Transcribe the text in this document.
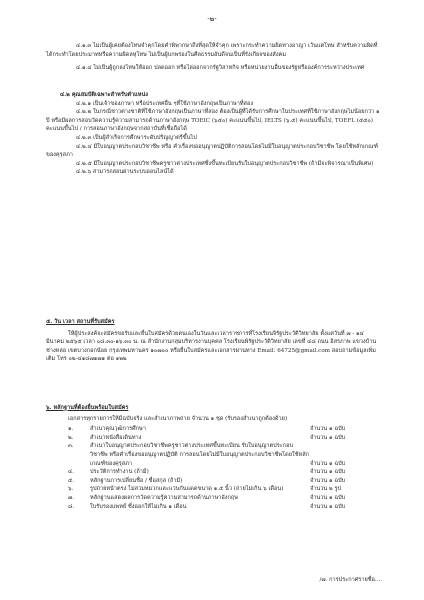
-๒-

๔.๑.๓ ไม่เป็นผู้เคยต้องโทษจำคุกโดยคำพิพากษาถึงที่สุดให้จำคุก เพราะกระทำความผิดทางอาญา เว้นแต่โทษ สำหรับความผิดที่ได้กระทำโดยประมาทหรือความผิดลหุโทษ ไม่เป็นผู้บกพร่องในศีลธรรมอันดีจนเป็นที่รังเกียจของสังคม

๔.๑.๔ ไม่เป็นผู้ถูกลงโทษให้ออก ปลดออก หรือไล่ออกจากรัฐวิสาหกิจ หรือหน่วยงานอื่นของรัฐหรือองค์การระหว่างประเทศ

๔.๒ คุณสมบัติเฉพาะสำหรับตำแหน่ง

๔.๒.๑ เป็นเจ้าของภาษา หรือประเทศอื่น ๆที่ใช้ภาษาอังกฤษเป็นภาษาที่สอง

๔.๒.๒ ในกรณีชาวต่างชาติที่ใช้ภาษาอังกฤษเป็นภาษาที่สอง ต้องเป็นผู้ที่ได้รับการศึกษาในประเทศที่ใช้ภาษาอังกฤษไม่น้อยกว่า ๑ ปี หรือมีผลการสอบวัดความรู้ความสามารถด้านภาษาอังกฤษ TOEIC (๖๕๐) คะแนนขึ้นไป, IELTS (๖.๕) คะแนนขึ้นไป, TOEFL (๕๕๐) คะแนนขึ้นไป / การสอนภาษาอังกฤษจากสถาบันที่เชื่อถือได้

๔.๒.๓ เป็นผู้สำเร็จการศึกษาระดับปริญญาตรีขึ้นไป

๔.๒.๔ มีใบอนุญาตประกอบวิชาชีพ หรือ คำเรื่องขออนุญาตปฏิบัติการสอนโดยไม่มีใบอนุญาตประกอบวิชาชีพ โดยใช้หลักเกณฑ์ของคุรุสภา

๔.๒.๕ มีใบอนุญาตประกอบวิชาชีพครูชาวต่างประเทศซึ่งขึ้นทะเบียนรับใบอนุญาตประกอบวิชาชีพ (ถ้ามีจะพิจารณาเป็นพิเศษ)

๔.๒.๖ สามารถสอนผ่านระบบออนไลน์ได้

๕. วัน เวลา สถานที่รับสมัคร

ให้ผู้ประสงค์จะสมัครขอรับและยื่นใบสมัครด้วยตนเองในวันและเวลาราชการที่โรงเรียนจิรัฐประวัติวิทยาลัย ตั้งแต่วันที่ ๗ - ๑๔ มีนาคม ๒๕๖๕ เวลา ๐๘.๓๐-๑๖.๓๐ น. ณ สำนักงานกลุ่มบริหารงานบุคคล โรงเรียนพิรัฐประวัติวิทยาลัย เลขที่ ๔๘ ถนน อิสรภาพ แขวงบ้านช่างหล่อ เขตบางกอกน้อย กรุงเทพมหานคร ๑๐๗๐๐ หรือยื่นใบสมัครและเอกสารผ่านทาง Email: 64725@gmail.com สอบถามข้อมูลเพิ่มเติม โทร ๐๒-๔๑๘๗๑๗๑ ต่อ ๑๒๒

๖. หลักฐานที่ต้องยื่นพร้อมใบสมัคร

เอกสารทุกรายการให้มีฉบับจริง และสำเนาภาพถ่าย จำนวน ๑ ชุด (รับรองสำเนาถูกต้องด้วย)

๑.	สำเนาคุณวุฒิการศึกษา	จำนวน ๑ ฉบับ
๒.	สำเนาหนังสือเดินทาง	จำนวน ๑ ฉบับ
๓.	สำเนาใบอนุญาตประกอบวิชาชีพครูชาวต่างประเทศขึ้นทะเบียน รับใบอนุญาตประกอบวิชาชีพ หรือคำเรื่องขออนุญาตปฏิบัติ การสอนโดยไม่มีใบอนุญาตประกอบวิชาชีพโดยใช้หลักเกณฑ์ของคุรุสภา	จำนวน ๑ ฉบับ
๔.	ประวัติการทำงาน (ถ้ามี)	จำนวน ๑ ฉบับ
๕.	หลักฐานการเปลี่ยนชื่อ / ชื่อสกุล (ถ้ามี)	จำนวน ๑ ฉบับ
๖.	รูปถ่ายหน้าตรง ไม่สวมหมวกและแว่นกันแดดขนาด ๑.๕ นิ้ว (ถ่ายไม่เกิน ๖ เดือน)	จำนวน ๒ รูป
๗.	หลักฐานแสดงผลการวัดความรู้ความสามารถด้านภาษาอังกฤษ	จำนวน ๑ ฉบับ
๘.	ใบรับรองแพทย์ ซึ่งออกให้ไม่เกิน ๑ เดือน	จำนวน ๑ ฉบับ
/๗. การประกาศรายชื่อ....
